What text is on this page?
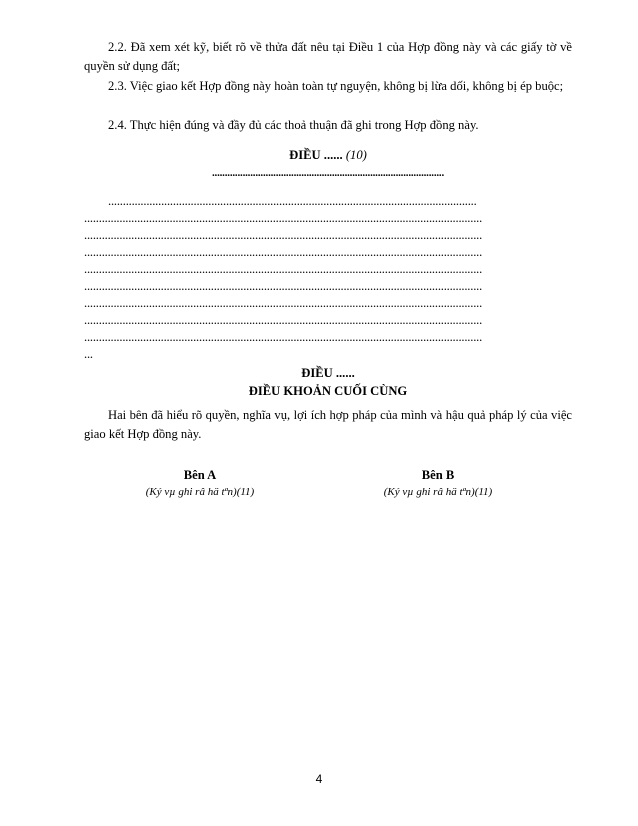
2.2. Đã xem xét kỹ, biết rõ về thửa đất nêu tại Điều 1 của Hợp đồng này và các giấy tờ về quyền sử dụng đất;
2.3. Việc giao kết Hợp đồng này hoàn toàn tự nguyện, không bị lừa dối, không bị ép buộc;
2.4. Thực hiện đúng và đầy đủ các thoả thuận đã ghi trong Hợp đồng này.
ĐIỀU ...... (10)
...........................................................................................
.............................................................................................................................
.......................................................................................................................................
.......................................................................................................................................
.......................................................................................................................................
.......................................................................................................................................
.......................................................................................................................................
.......................................................................................................................................
.......................................................................................................................................
.......................................................................................................................................
...
ĐIỀU ......
ĐIỀU KHOẢN CUỐI CÙNG
Hai bên đã hiểu rõ quyền, nghĩa vụ, lợi ích hợp pháp của mình và hậu quả pháp lý của việc giao kết Hợp đồng này.
Bên A
(Ký vµ ghi râ hä tªn)(11)
Bên B
(Ký vµ ghi râ hä tªn)(11)
4
